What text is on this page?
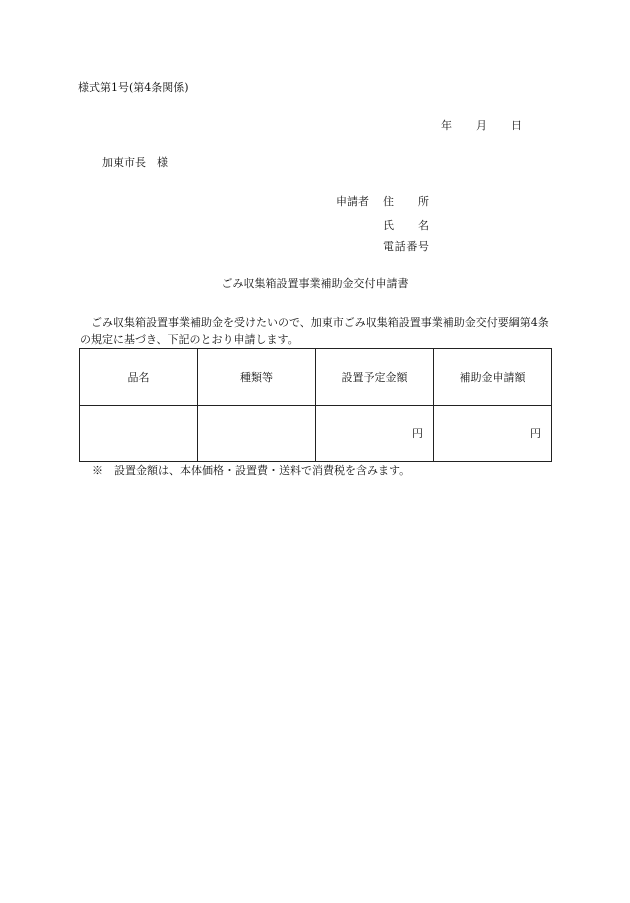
様式第1号(第4条関係)
年 月 日
加東市長　様
申請者 住　所
氏　名
電話番号
ごみ収集箱設置事業補助金交付申請書
ごみ収集箱設置事業補助金を受けたいので、加東市ごみ収集箱設置事業補助金交付要綱第4条の規定に基づき、下記のとおり申請します。
品名	種類等	設置予定金額	補助金申請額
		円	円
※　設置金額は、本体価格・設置費・送料で消費税を含みます。
